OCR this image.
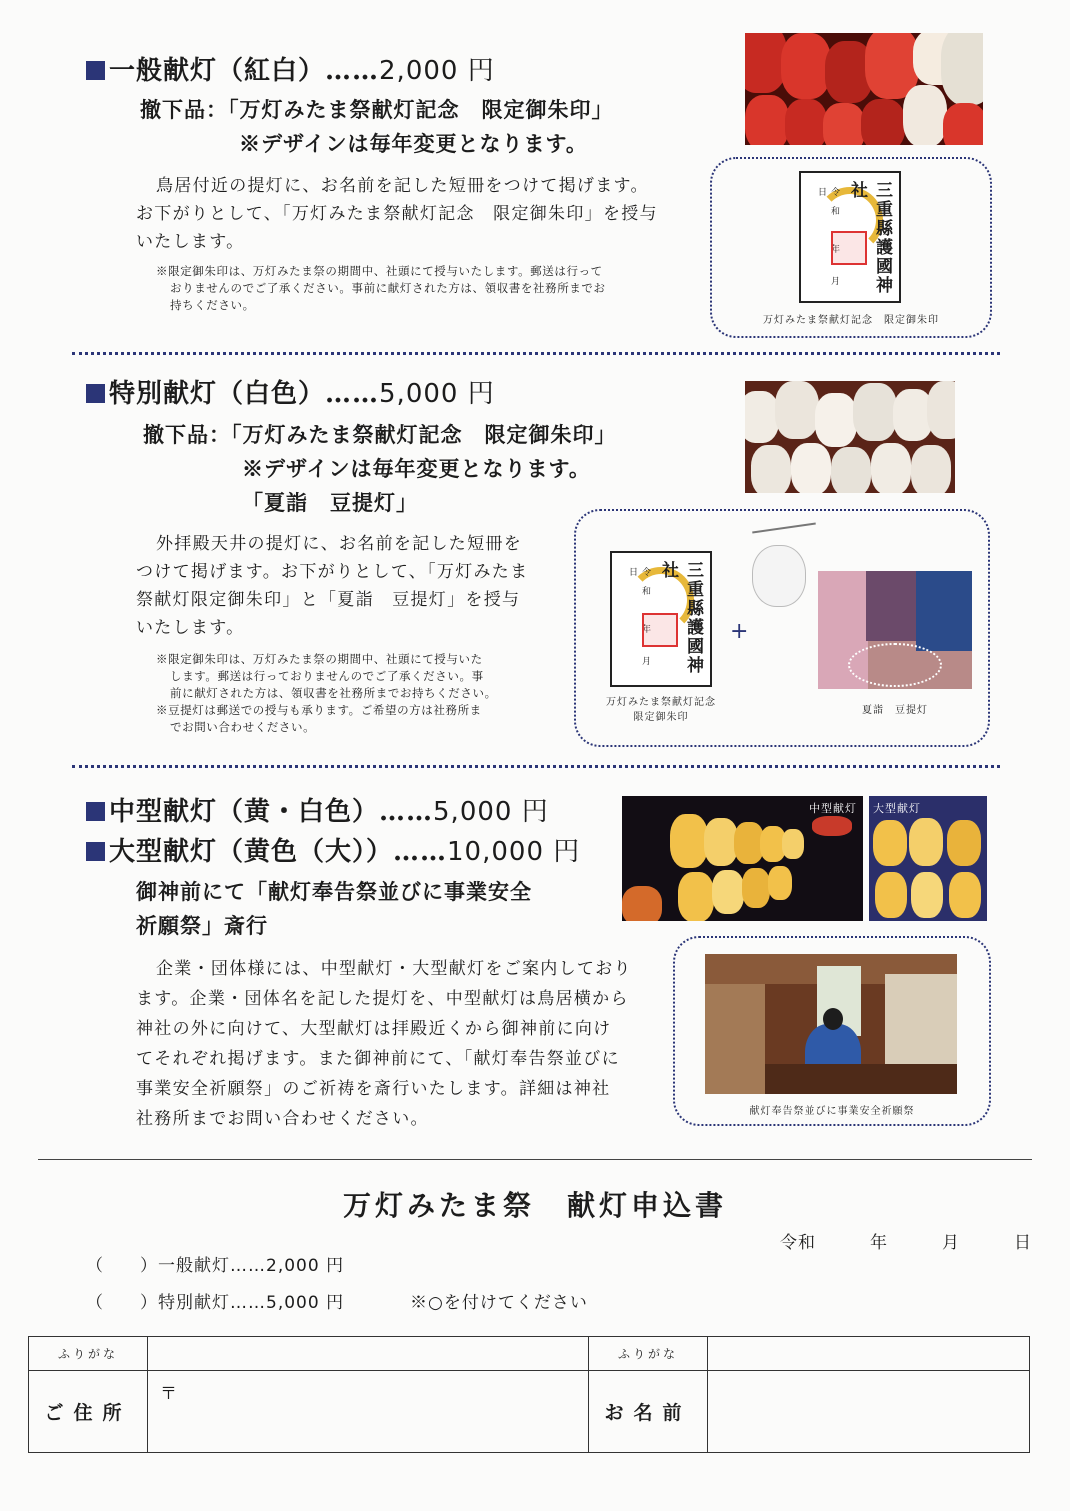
一般献灯（紅白）……2,000 円
撤下品：「万灯みたま祭献灯記念　限定御朱印」
※デザインは毎年変更となります。
鳥居付近の提灯に、お名前を記した短冊をつけて掲げます。
お下がりとして、「万灯みたま祭献灯記念　限定御朱印」を授与
いたします。
※限定御朱印は、万灯みたま祭の期間中、社頭にて授与いたします。郵送は行って
おりませんのでご了承ください。事前に献灯された方は、領収書を社務所までお
持ちください。
三重縣護國神社
令和　年 月 日
万灯みたま祭献灯記念　限定御朱印
特別献灯（白色）……5,000 円
撤下品：「万灯みたま祭献灯記念　限定御朱印」
※デザインは毎年変更となります。
「夏詣　豆提灯」
外拝殿天井の提灯に、お名前を記した短冊を
つけて掲げます。お下がりとして、「万灯みたま
祭献灯限定御朱印」と「夏詣　豆提灯」を授与
いたします。
※限定御朱印は、万灯みたま祭の期間中、社頭にて授与いた
します。郵送は行っておりませんのでご了承ください。事
前に献灯された方は、領収書を社務所までお持ちください。
※豆提灯は郵送での授与も承ります。ご希望の方は社務所ま
でお問い合わせください。
三重縣護國神社
令和　年 月 日
万灯みたま祭献灯記念
限定御朱印
+
夏詣　豆提灯
中型献灯（黄・白色）……5,000 円
大型献灯（黄色（大））……10,000 円
御神前にて「献灯奉告祭並びに事業安全
祈願祭」斎行
企業・団体様には、中型献灯・大型献灯をご案内しており
ます。企業・団体名を記した提灯を、中型献灯は鳥居横から
神社の外に向けて、大型献灯は拝殿近くから御神前に向け
てそれぞれ掲げます。また御神前にて、「献灯奉告祭並びに
事業安全祈願祭」のご祈祷を斎行いたします。詳細は神社
社務所までお問い合わせください。
中型献灯 大型献灯
献灯奉告祭並びに事業安全祈願祭
万灯みたま祭　献灯申込書
令和　　　年　　　月　　　日
（　　）一般献灯……2,000 円
（　　）特別献灯……5,000 円	※○を付けてください
ふりがな		ふりがな	
ご住所	〒	お名前	
